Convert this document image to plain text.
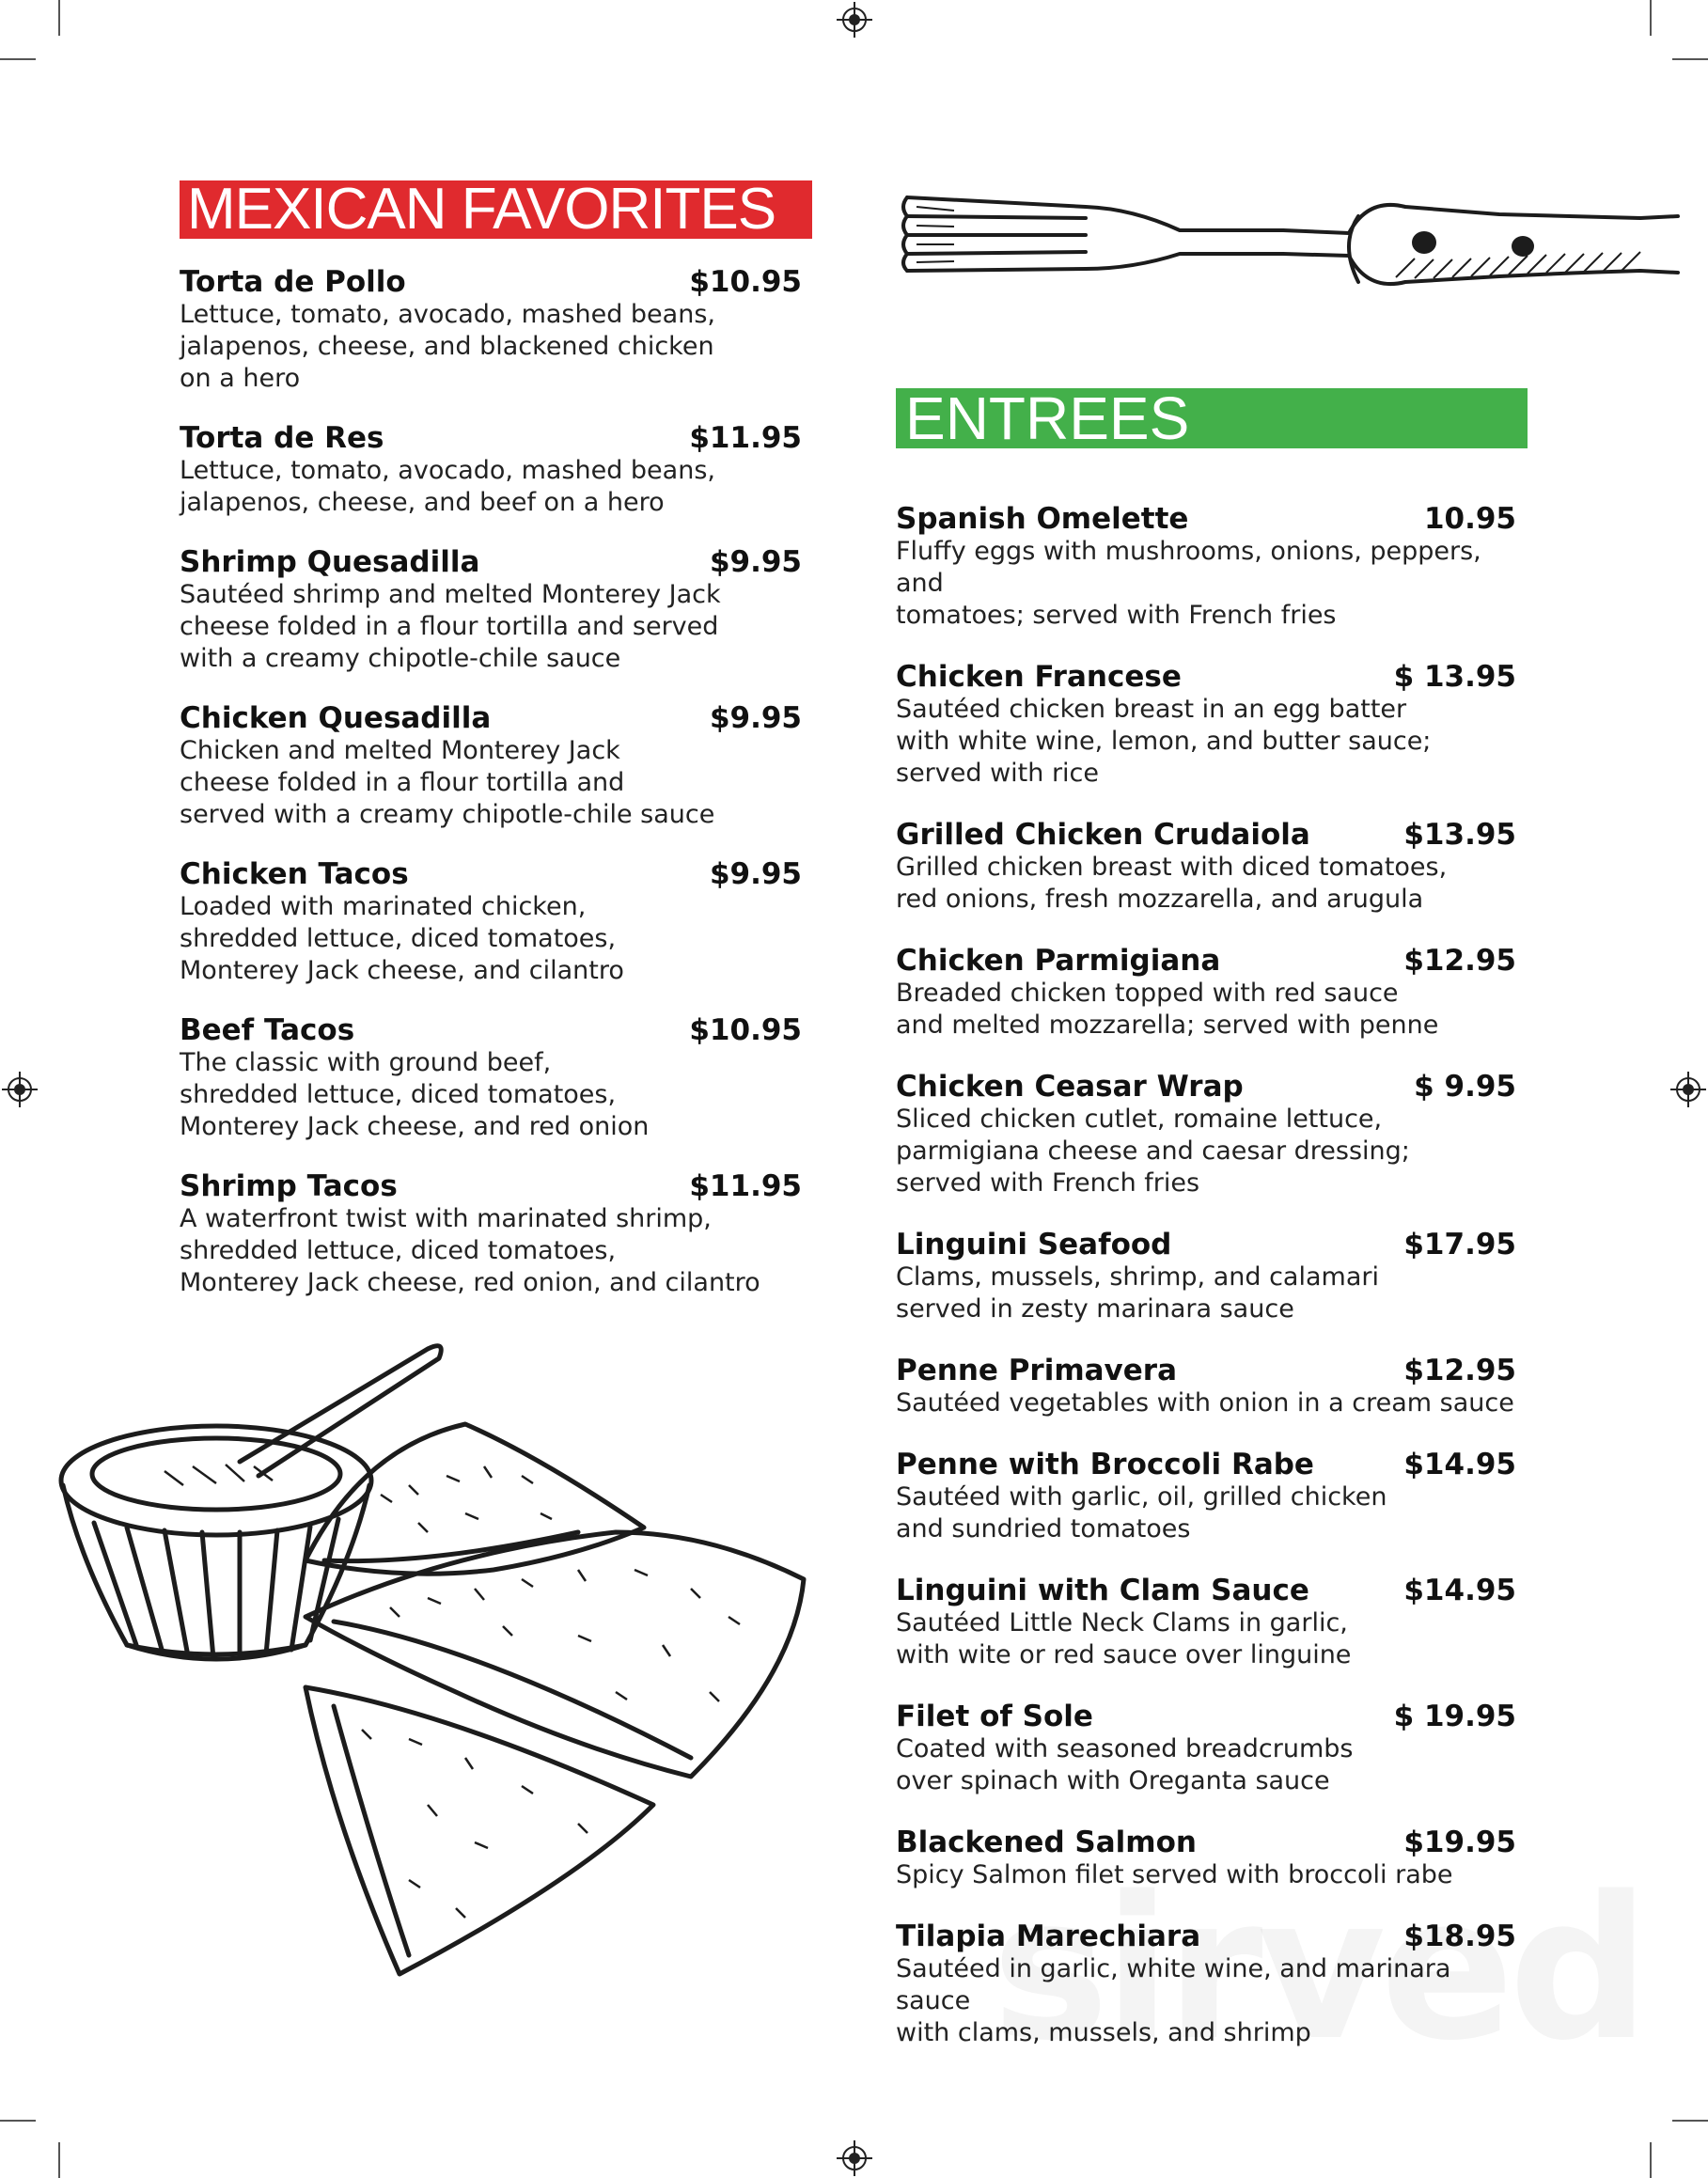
MEXICAN FAVORITES
ENTREES
Torta de Pollo	$10.95
Lettuce, tomato, avocado, mashed beans,
jalapenos, cheese, and blackened chicken
on a hero
Torta de Res	$11.95
Lettuce, tomato, avocado, mashed beans,
jalapenos, cheese, and beef on a hero
Shrimp Quesadilla	$9.95
Sautéed shrimp and melted Monterey Jack
cheese folded in a flour tortilla and served
with a creamy chipotle-chile sauce
Chicken Quesadilla	$9.95
Chicken and melted Monterey Jack
cheese folded in a flour tortilla and
served with a creamy chipotle-chile sauce
Chicken Tacos	$9.95
Loaded with marinated chicken,
shredded lettuce, diced tomatoes,
Monterey Jack cheese, and cilantro
Beef Tacos	$10.95
The classic with ground beef,
shredded lettuce, diced tomatoes,
Monterey Jack cheese, and red onion
Shrimp Tacos	$11.95
A waterfront twist with marinated shrimp,
shredded lettuce, diced tomatoes,
Monterey Jack cheese, red onion, and cilantro
Spanish Omelette	10.95
Fluffy eggs with mushrooms, onions, peppers, and
tomatoes; served with French fries
Chicken Francese	$ 13.95
Sautéed chicken breast in an egg batter
with white wine, lemon, and butter sauce;
served with rice
Grilled Chicken Crudaiola	$13.95
Grilled chicken breast with diced tomatoes,
red onions, fresh mozzarella, and arugula
Chicken Parmigiana	$12.95
Breaded chicken topped with red sauce
and melted mozzarella; served with penne
Chicken Ceasar Wrap	$ 9.95
Sliced chicken cutlet, romaine lettuce,
parmigiana cheese and caesar dressing;
served with French fries
Linguini Seafood	$17.95
Clams, mussels, shrimp, and calamari
served in zesty marinara sauce
Penne Primavera	$12.95
Sautéed vegetables with onion in a cream sauce
Penne with Broccoli Rabe	$14.95
Sautéed with garlic, oil, grilled chicken
and sundried tomatoes
Linguini with Clam Sauce	$14.95
Sautéed Little Neck Clams in garlic,
with wite or red sauce over linguine
Filet of Sole	$ 19.95
Coated with seasoned breadcrumbs
over spinach with Oreganta sauce
Blackened Salmon	$19.95
Spicy Salmon filet served with broccoli rabe
Tilapia Marechiara	$18.95
Sautéed in garlic, white wine, and marinara sauce
with clams, mussels, and shrimp
